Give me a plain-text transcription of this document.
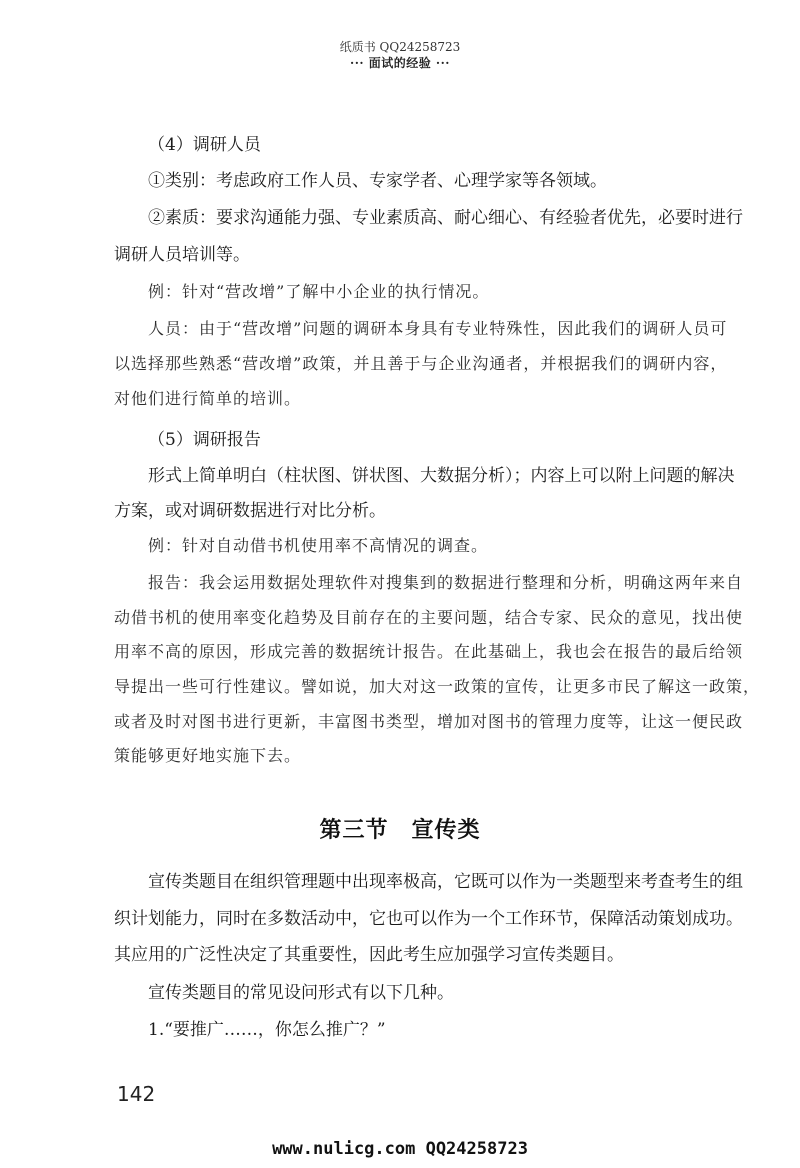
纸质书 QQ24258723
··· 面试的经验 ···
（4）调研人员
①类别：考虑政府工作人员、专家学者、心理学家等各领域。
②素质：要求沟通能力强、专业素质高、耐心细心、有经验者优先，必要时进行
调研人员培训等。
例：针对“营改增”了解中小企业的执行情况。
人员：由于“营改增”问题的调研本身具有专业特殊性，因此我们的调研人员可
以选择那些熟悉“营改增”政策，并且善于与企业沟通者，并根据我们的调研内容，
对他们进行简单的培训。
（5）调研报告
形式上简单明白（柱状图、饼状图、大数据分析）；内容上可以附上问题的解决
方案，或对调研数据进行对比分析。
例：针对自动借书机使用率不高情况的调查。
报告：我会运用数据处理软件对搜集到的数据进行整理和分析，明确这两年来自
动借书机的使用率变化趋势及目前存在的主要问题，结合专家、民众的意见，找出使
用率不高的原因，形成完善的数据统计报告。在此基础上，我也会在报告的最后给领
导提出一些可行性建议。譬如说，加大对这一政策的宣传，让更多市民了解这一政策，
或者及时对图书进行更新，丰富图书类型，增加对图书的管理力度等，让这一便民政
策能够更好地实施下去。
第三节　宣传类
宣传类题目在组织管理题中出现率极高，它既可以作为一类题型来考查考生的组
织计划能力，同时在多数活动中，它也可以作为一个工作环节，保障活动策划成功。
其应用的广泛性决定了其重要性，因此考生应加强学习宣传类题目。
宣传类题目的常见设问形式有以下几种。
1.“要推广……，你怎么推广？”
142
www.nulicg.com QQ24258723
